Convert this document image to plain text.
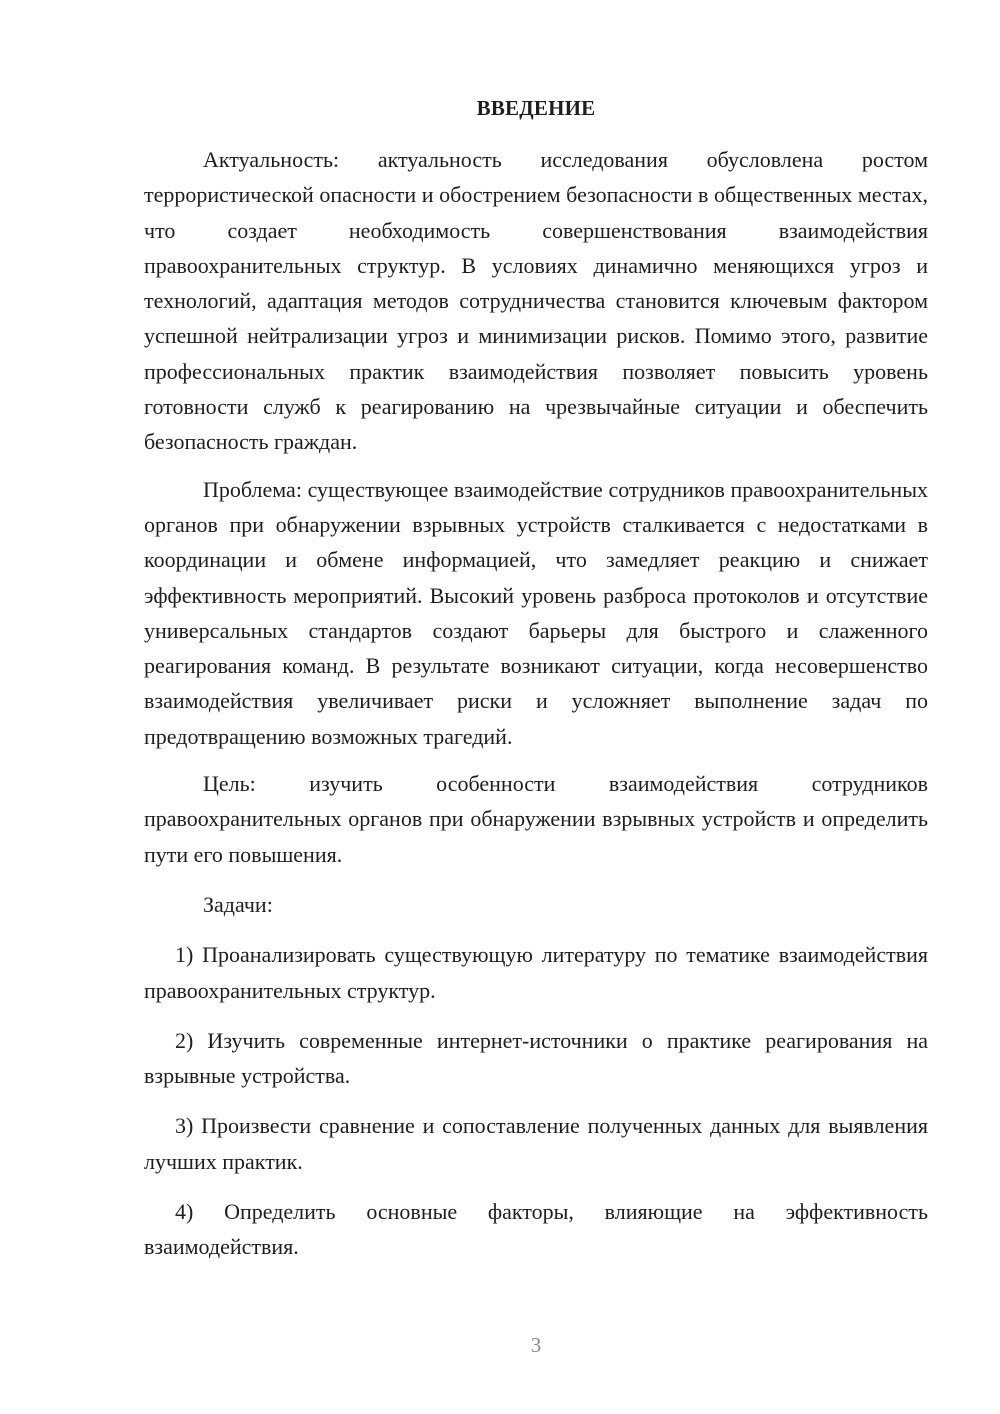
ВВЕДЕНИЕ

Актуальность: актуальность исследования обусловлена ростом террористической опасности и обострением безопасности в общественных местах, что создает необходимость совершенствования взаимодействия правоохранительных структур. В условиях динамично меняющихся угроз и технологий, адаптация методов сотрудничества становится ключевым фактором успешной нейтрализации угроз и минимизации рисков. Помимо этого, развитие профессиональных практик взаимодействия позволяет повысить уровень готовности служб к реагированию на чрезвычайные ситуации и обеспечить безопасность граждан.

Проблема: существующее взаимодействие сотрудников правоохранительных органов при обнаружении взрывных устройств сталкивается с недостатками в координации и обмене информацией, что замедляет реакцию и снижает эффективность мероприятий. Высокий уровень разброса протоколов и отсутствие универсальных стандартов создают барьеры для быстрого и слаженного реагирования команд. В результате возникают ситуации, когда несовершенство взаимодействия увеличивает риски и усложняет выполнение задач по предотвращению возможных трагедий.

Цель: изучить особенности взаимодействия сотрудников правоохранительных органов при обнаружении взрывных устройств и определить пути его повышения.

Задачи:

1) Проанализировать существующую литературу по тематике взаимодействия правоохранительных структур.

2) Изучить современные интернет-источники о практике реагирования на взрывные устройства.

3) Произвести сравнение и сопоставление полученных данных для выявления лучших практик.

4) Определить основные факторы, влияющие на эффективность взаимодействия.

3
